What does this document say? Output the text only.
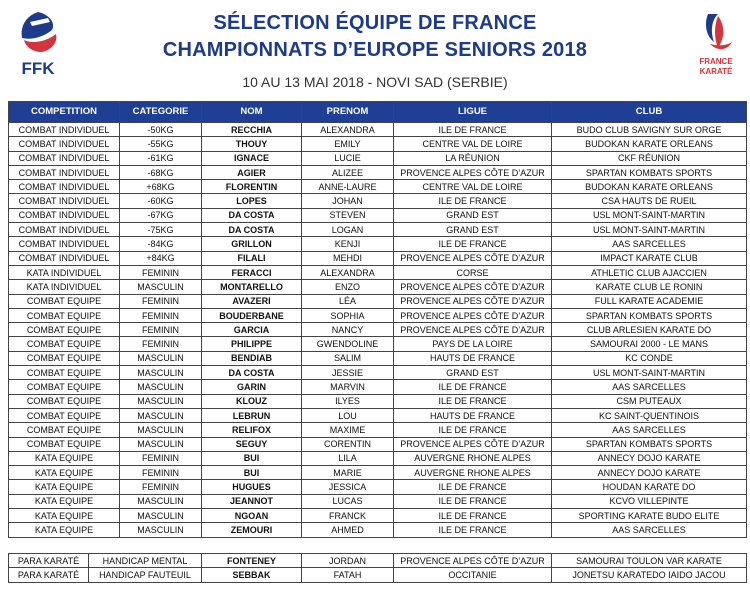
FFK
SÉLECTION ÉQUIPE DE FRANCE
CHAMPIONNATS D’EUROPE SENIORS 2018
10 AU 13 MAI 2018 - NOVI SAD (SERBIE)
FRANCE
KARATÉ
COMPETITION	CATEGORIE	NOM	PRENOM	LIGUE	CLUB
COMBAT INDIVIDUEL	-50KG	RECCHIA	ALEXANDRA	ILE DE FRANCE	BUDO CLUB SAVIGNY SUR ORGE
COMBAT INDIVIDUEL	-55KG	THOUY	EMILY	CENTRE VAL DE LOIRE	BUDOKAN KARATE ORLEANS
COMBAT INDIVIDUEL	-61KG	IGNACE	LUCIE	LA RÉUNION	CKF RÉUNION
COMBAT INDIVIDUEL	-68KG	AGIER	ALIZEE	PROVENCE ALPES CÔTE D’AZUR	SPARTAN KOMBATS SPORTS
COMBAT INDIVIDUEL	+68KG	FLORENTIN	ANNE-LAURE	CENTRE VAL DE LOIRE	BUDOKAN KARATE ORLEANS
COMBAT INDIVIDUEL	-60KG	LOPES	JOHAN	ILE DE FRANCE	CSA HAUTS DE RUEIL
COMBAT INDIVIDUEL	-67KG	DA COSTA	STEVEN	GRAND EST	USL MONT-SAINT-MARTIN
COMBAT INDIVIDUEL	-75KG	DA COSTA	LOGAN	GRAND EST	USL MONT-SAINT-MARTIN
COMBAT INDIVIDUEL	-84KG	GRILLON	KENJI	ILE DE FRANCE	AAS SARCELLES
COMBAT INDIVIDUEL	+84KG	FILALI	MEHDI	PROVENCE ALPES CÔTE D’AZUR	IMPACT KARATE CLUB
KATA INDIVIDUEL	FEMININ	FERACCI	ALEXANDRA	CORSE	ATHLETIC CLUB AJACCIEN
KATA INDIVIDUEL	MASCULIN	MONTARELLO	ENZO	PROVENCE ALPES CÔTE D’AZUR	KARATE CLUB LE RONIN
COMBAT EQUIPE	FEMININ	AVAZERI	LÉA	PROVENCE ALPES CÔTE D’AZUR	FULL KARATE ACADEMIE
COMBAT EQUIPE	FEMININ	BOUDERBANE	SOPHIA	PROVENCE ALPES CÔTE D’AZUR	SPARTAN KOMBATS SPORTS
COMBAT EQUIPE	FEMININ	GARCIA	NANCY	PROVENCE ALPES CÔTE D’AZUR	CLUB ARLESIEN KARATE DO
COMBAT EQUIPE	FEMININ	PHILIPPE	GWENDOLINE	PAYS DE LA LOIRE	SAMOURAI 2000 - LE MANS
COMBAT EQUIPE	MASCULIN	BENDIAB	SALIM	HAUTS DE FRANCE	KC CONDE
COMBAT EQUIPE	MASCULIN	DA COSTA	JESSIE	GRAND EST	USL MONT-SAINT-MARTIN
COMBAT EQUIPE	MASCULIN	GARIN	MARVIN	ILE DE FRANCE	AAS SARCELLES
COMBAT EQUIPE	MASCULIN	KLOUZ	ILYES	ILE DE FRANCE	CSM PUTEAUX
COMBAT EQUIPE	MASCULIN	LEBRUN	LOU	HAUTS DE FRANCE	KC SAINT-QUENTINOIS
COMBAT EQUIPE	MASCULIN	RELIFOX	MAXIME	ILE DE FRANCE	AAS SARCELLES
COMBAT EQUIPE	MASCULIN	SEGUY	CORENTIN	PROVENCE ALPES CÔTE D’AZUR	SPARTAN KOMBATS SPORTS
KATA EQUIPE	FEMININ	BUI	LILA	AUVERGNE RHONE ALPES	ANNECY DOJO KARATE
KATA EQUIPE	FEMININ	BUI	MARIE	AUVERGNE RHONE ALPES	ANNECY DOJO KARATE
KATA EQUIPE	FEMININ	HUGUES	JESSICA	ILE DE FRANCE	HOUDAN KARATE DO
KATA EQUIPE	MASCULIN	JEANNOT	LUCAS	ILE DE FRANCE	KCVO VILLEPINTE
KATA EQUIPE	MASCULIN	NGOAN	FRANCK	ILE DE FRANCE	SPORTING KARATE BUDO ELITE
KATA EQUIPE	MASCULIN	ZEMOURI	AHMED	ILE DE FRANCE	AAS SARCELLES
PARA KARATÉ	HANDICAP MENTAL	FONTENEY	JORDAN	PROVENCE ALPES CÔTE D’AZUR	SAMOURAI TOULON VAR KARATE
PARA KARATÉ	HANDICAP FAUTEUIL	SEBBAK	FATAH	OCCITANIE	JONETSU KARATEDO IAIDO JACOU
